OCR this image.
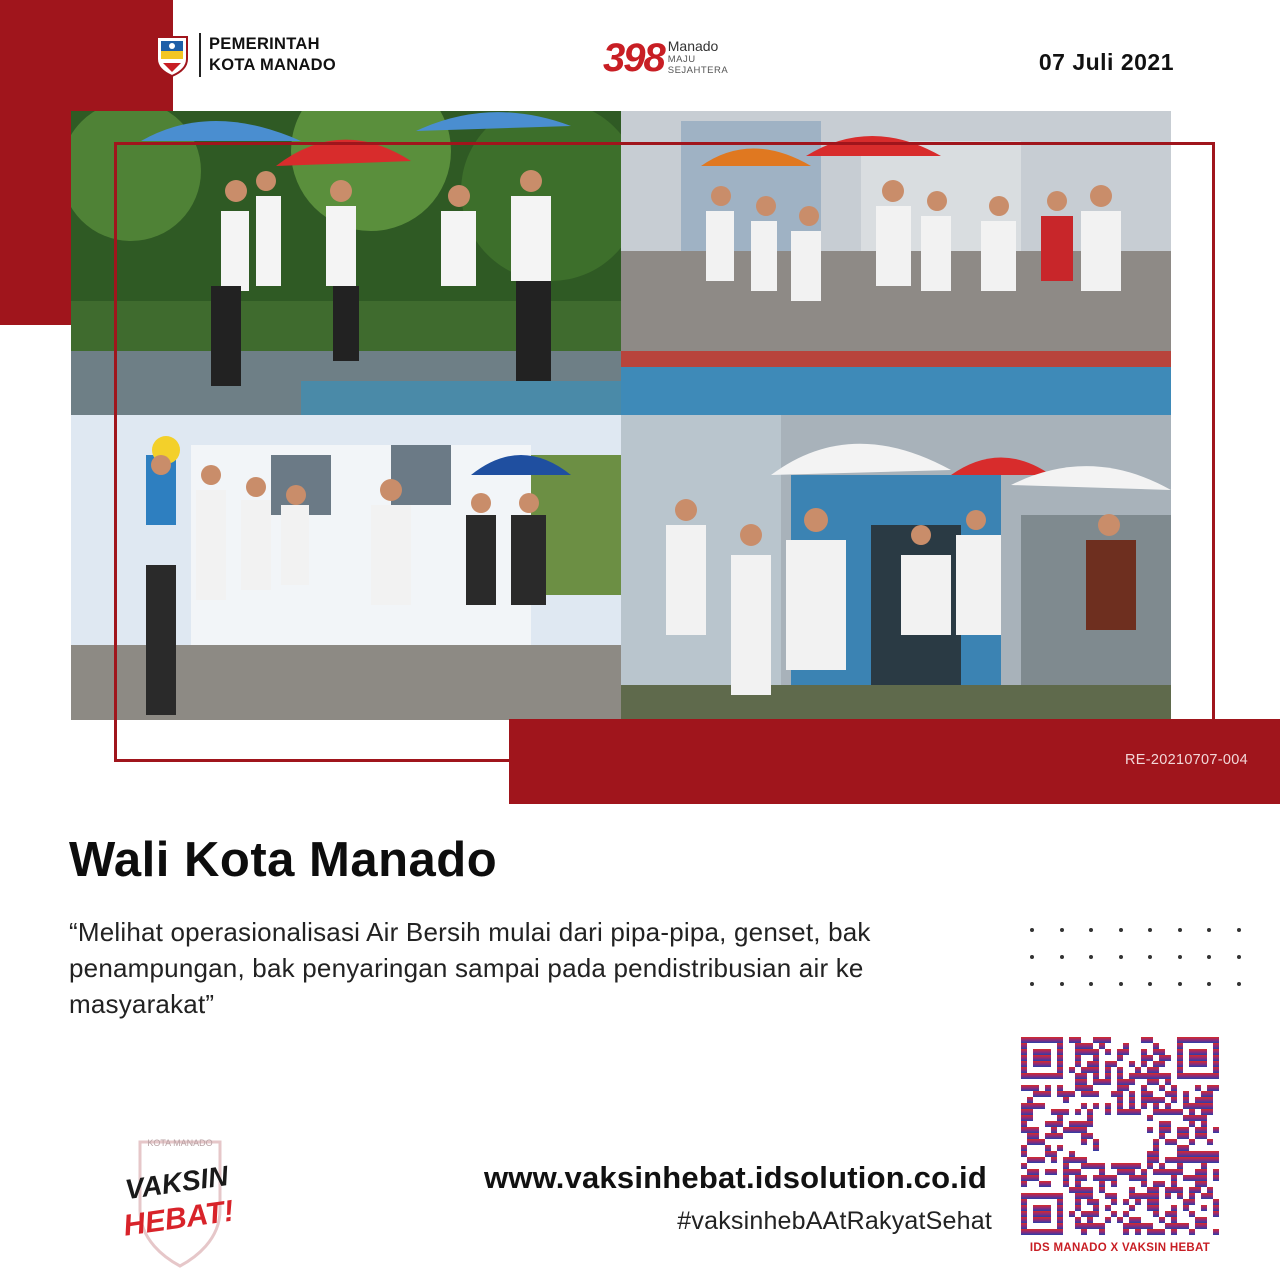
PEMERINTAH
KOTA MANADO	398 Manado
MAJU
SEJAHTERA	07 Juli 2021
RE-20210707-004
Wali Kota Manado
“Melihat operasionalisasi Air Bersih mulai dari pipa-pipa, genset, bak penampungan, bak penyaringan sampai pada pendistribusian air ke masyarakat”
KOTA MANADO
VAKSIN
HEBAT!
www.vaksinhebat.idsolution.co.id
#vaksinhebAAtRakyatSehat
IDS MANADO X VAKSIN HEBAT
